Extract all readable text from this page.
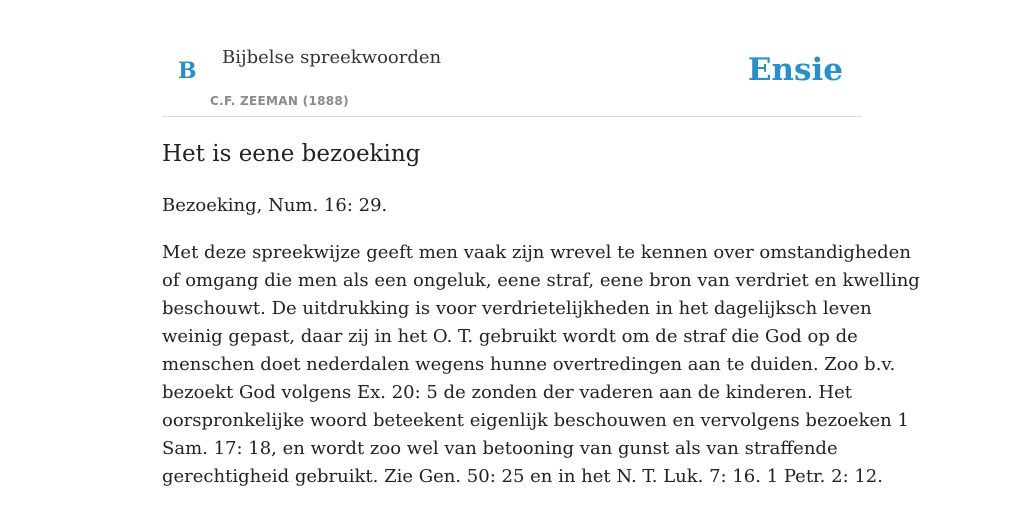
B
Bijbelse spreekwoorden
C.F. ZEEMAN (1888)
Ensie
Het is eene bezoeking

Bezoeking, Num. 16: 29.

Met deze spreekwijze geeft men vaak zijn wrevel te kennen over omstandigheden
of omgang die men als een ongeluk, eene straf, eene bron van verdriet en kwelling
beschouwt. De uitdrukking is voor verdrietelijkheden in het dagelijksch leven
weinig gepast, daar zij in het O. T. gebruikt wordt om de straf die God op de
menschen doet nederdalen wegens hunne overtredingen aan te duiden. Zoo b.v.
bezoekt God volgens Ex. 20: 5 de zonden der vaderen aan de kinderen. Het
oorspronkelijke woord beteekent eigenlijk beschouwen en vervolgens bezoeken 1
Sam. 17: 18, en wordt zoo wel van betooning van gunst als van straffende
gerechtigheid gebruikt. Zie Gen. 50: 25 en in het N. T. Luk. 7: 16. 1 Petr. 2: 12.
